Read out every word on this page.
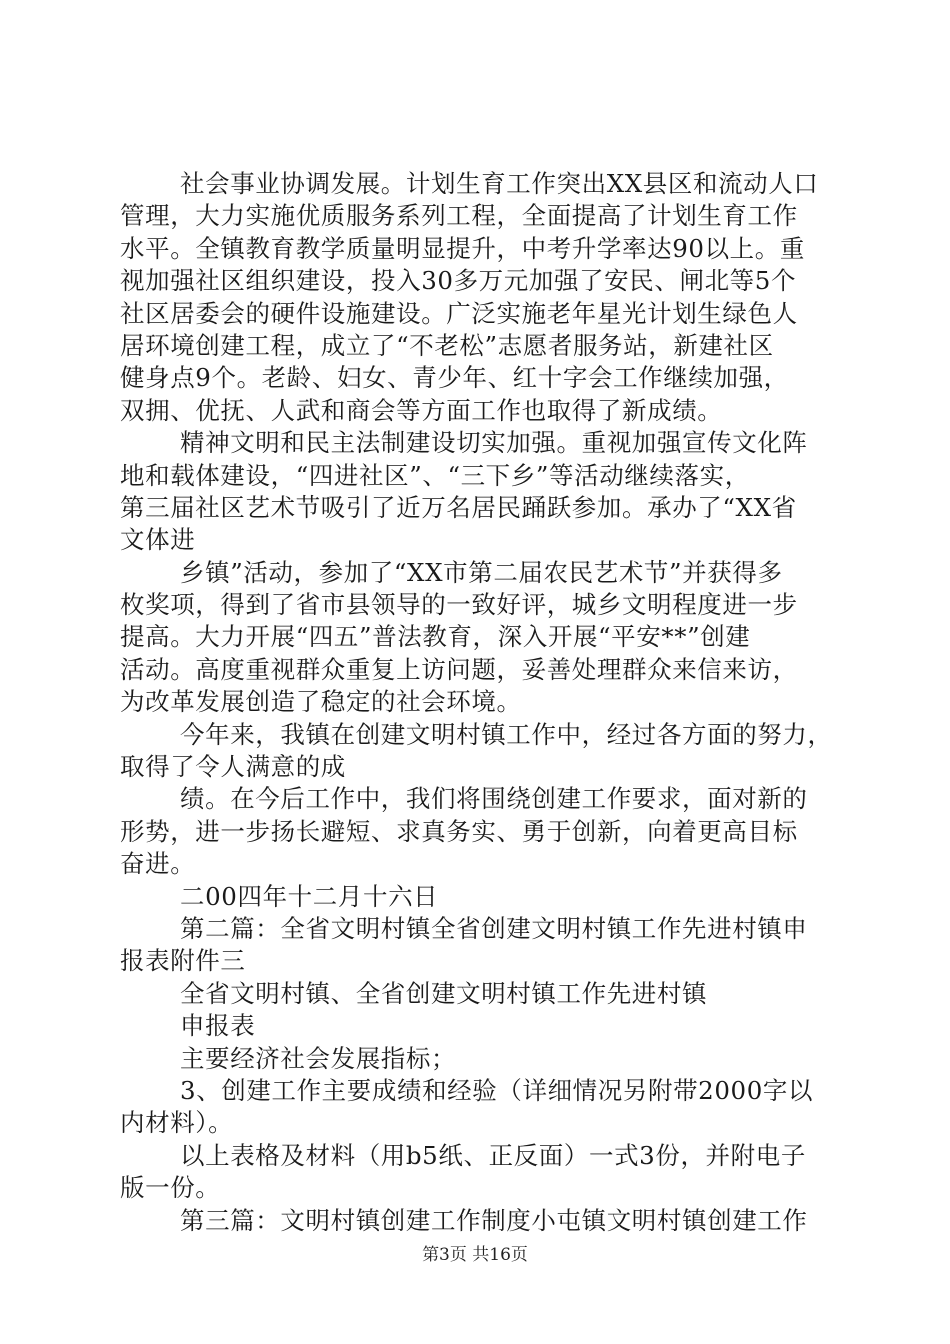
社会事业协调发展。计划生育工作突出XX县区和流动人口
管理，大力实施优质服务系列工程，全面提高了计划生育工作
水平。全镇教育教学质量明显提升，中考升学率达90以上。重
视加强社区组织建设，投入30多万元加强了安民、闸北等5个
社区居委会的硬件设施建设。广泛实施老年星光计划生绿色人
居环境创建工程，成立了“不老松”志愿者服务站，新建社区
健身点9个。老龄、妇女、青少年、红十字会工作继续加强，
双拥、优抚、人武和商会等方面工作也取得了新成绩。
精神文明和民主法制建设切实加强。重视加强宣传文化阵
地和载体建设，“四进社区”、“三下乡”等活动继续落实，
第三届社区艺术节吸引了近万名居民踊跃参加。承办了“XX省
文体进
乡镇”活动，参加了“XX市第二届农民艺术节”并获得多
枚奖项，得到了省市县领导的一致好评，城乡文明程度进一步
提高。大力开展“四五”普法教育，深入开展“平安**”创建
活动。高度重视群众重复上访问题，妥善处理群众来信来访，
为改革发展创造了稳定的社会环境。
今年来，我镇在创建文明村镇工作中，经过各方面的努力，
取得了令人满意的成
绩。在今后工作中，我们将围绕创建工作要求，面对新的
形势，进一步扬长避短、求真务实、勇于创新，向着更高目标
奋进。
二00四年十二月十六日
第二篇：全省文明村镇全省创建文明村镇工作先进村镇申
报表附件三
全省文明村镇、全省创建文明村镇工作先进村镇
申报表
主要经济社会发展指标；
3、创建工作主要成绩和经验（详细情况另附带2000字以
内材料）。
以上表格及材料（用b5纸、正反面）一式3份，并附电子
版一份。
第三篇：文明村镇创建工作制度小屯镇文明村镇创建工作
第3页 共16页
